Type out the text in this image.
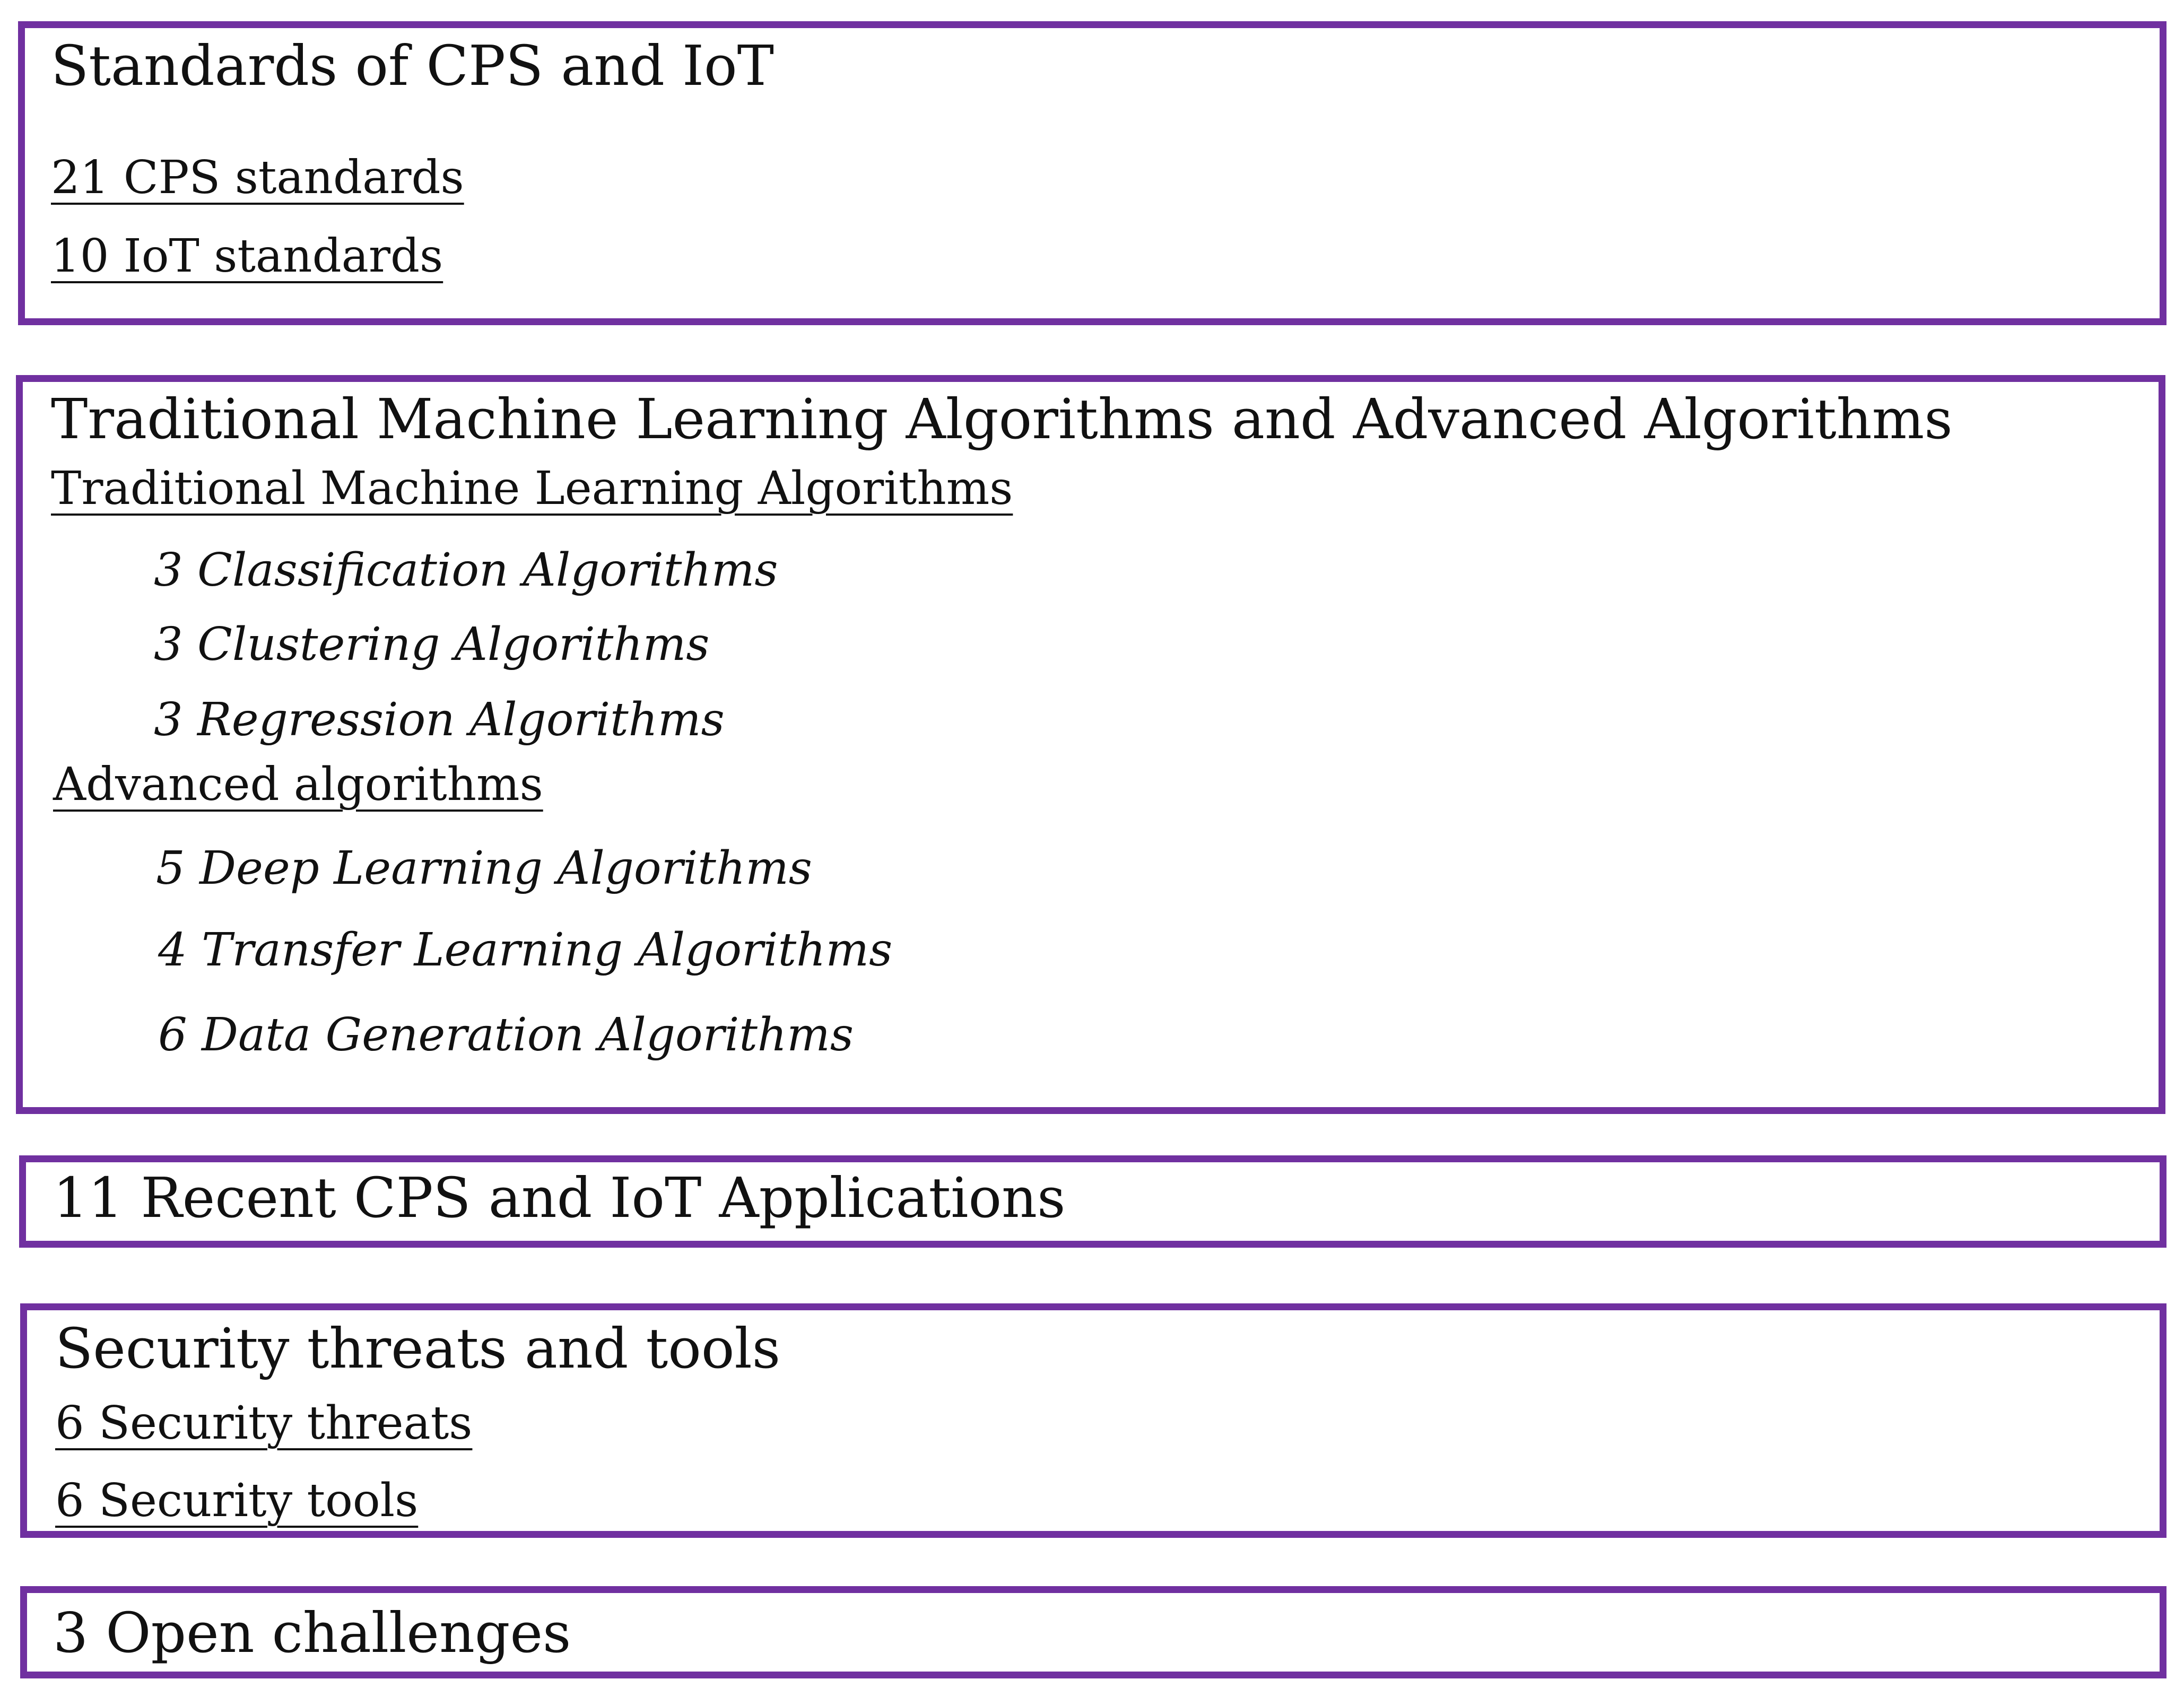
Standards of CPS and IoT
21 CPS standards
10 IoT standards
Traditional Machine Learning Algorithms and Advanced Algorithms
Traditional Machine Learning Algorithms
3 Classification Algorithms
3 Clustering Algorithms
3 Regression Algorithms
Advanced algorithms
5 Deep Learning Algorithms
4 Transfer Learning Algorithms
6 Data Generation Algorithms
11 Recent CPS and IoT Applications
Security threats and tools
6 Security threats
6 Security tools
3 Open challenges
